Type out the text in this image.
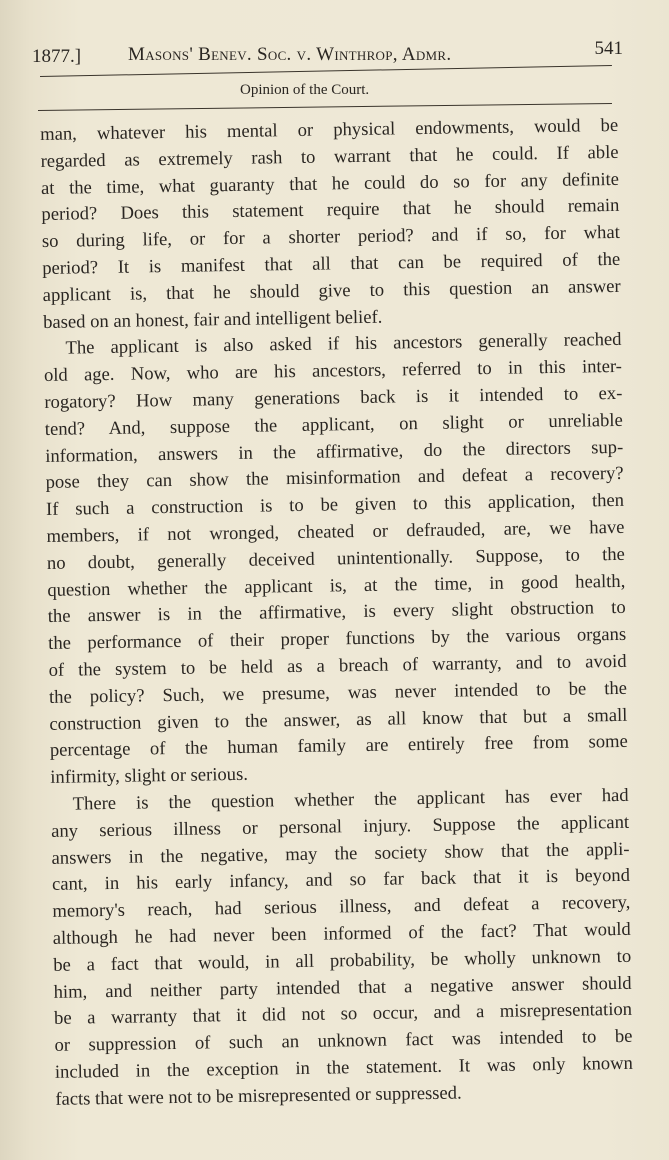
1877.] Masons' Benev. Soc. v. Winthrop, Admr.	541
Opinion of the Court.
man, whatever his mental or physical endowments, would be
regarded as extremely rash to warrant that he could. If able
at the time, what guaranty that he could do so for any definite
period? Does this statement require that he should remain
so during life, or for a shorter period? and if so, for what
period? It is manifest that all that can be required of the
applicant is, that he should give to this question an answer
based on an honest, fair and intelligent belief.
The applicant is also asked if his ancestors generally reached
old age. Now, who are his ancestors, referred to in this inter-
rogatory? How many generations back is it intended to ex-
tend? And, suppose the applicant, on slight or unreliable
information, answers in the affirmative, do the directors sup-
pose they can show the misinformation and defeat a recovery?
If such a construction is to be given to this application, then
members, if not wronged, cheated or defrauded, are, we have
no doubt, generally deceived unintentionally. Suppose, to the
question whether the applicant is, at the time, in good health,
the answer is in the affirmative, is every slight obstruction to
the performance of their proper functions by the various organs
of the system to be held as a breach of warranty, and to avoid
the policy? Such, we presume, was never intended to be the
construction given to the answer, as all know that but a small
percentage of the human family are entirely free from some
infirmity, slight or serious.
There is the question whether the applicant has ever had
any serious illness or personal injury. Suppose the applicant
answers in the negative, may the society show that the appli-
cant, in his early infancy, and so far back that it is beyond
memory's reach, had serious illness, and defeat a recovery,
although he had never been informed of the fact? That would
be a fact that would, in all probability, be wholly unknown to
him, and neither party intended that a negative answer should
be a warranty that it did not so occur, and a misrepresentation
or suppression of such an unknown fact was intended to be
included in the exception in the statement. It was only known
facts that were not to be misrepresented or suppressed.
